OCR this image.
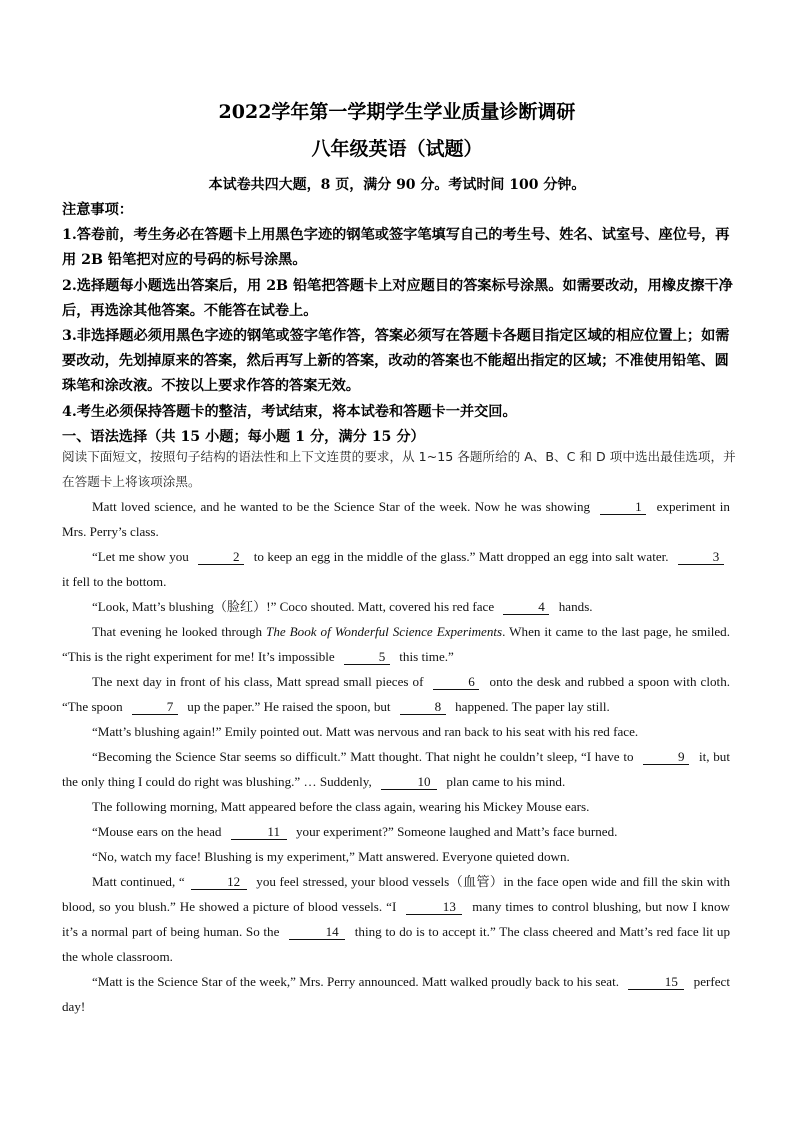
2022学年第一学期学生学业质量诊断调研
八年级英语（试题）
本试卷共四大题，8 页，满分 90 分。考试时间 100 分钟。

注意事项：

1.答卷前，考生务必在答题卡上用黑色字迹的钢笔或签字笔填写自己的考生号、姓名、试室号、座位号，再用 2B 铅笔把对应的号码的标号涂黑。

2.选择题每小题选出答案后，用 2B 铅笔把答题卡上对应题目的答案标号涂黑。如需要改动，用橡皮擦干净后，再选涂其他答案。不能答在试卷上。

3.非选择题必须用黑色字迹的钢笔或签字笔作答，答案必须写在答题卡各题目指定区域的相应位置上；如需要改动，先划掉原来的答案，然后再写上新的答案，改动的答案也不能超出指定的区域；不准使用铅笔、圆珠笔和涂改液。不按以上要求作答的答案无效。

4.考生必须保持答题卡的整洁，考试结束，将本试卷和答题卡一并交回。

一、语法选择（共 15 小题；每小题 1 分，满分 15 分）

阅读下面短文，按照句子结构的语法性和上下文连贯的要求，从 1~15 各题所给的 A、B、C 和 D 项中选出最佳选项，并在答题卡上将该项涂黑。

Matt loved science, and he wanted to be the Science Star of the week. Now he was showing	1 experiment in Mrs. Perry’s class.

“Let me show you	2 to keep an egg in the middle of the glass.” Matt dropped an egg into salt water.	3 it fell to the bottom.

“Look, Matt’s blushing（脸红）!” Coco shouted. Matt, covered his red face	4 hands.

That evening he looked through The Book of Wonderful Science Experiments. When it came to the last page, he smiled. “This is the right experiment for me! It’s impossible	5 this time.”

The next day in front of his class, Matt spread small pieces of	6 onto the desk and rubbed a spoon with cloth. “The spoon	7 up the paper.” He raised the spoon, but	8 happened. The paper lay still.

“Matt’s blushing again!” Emily pointed out. Matt was nervous and ran back to his seat with his red face.

“Becoming the Science Star seems so difficult.” Matt thought. That night he couldn’t sleep, “I have to	9 it, but the only thing I could do right was blushing.” … Suddenly,	10 plan came to his mind.

The following morning, Matt appeared before the class again, wearing his Mickey Mouse ears.

“Mouse ears on the head	11 your experiment?” Someone laughed and Matt’s face burned.

“No, watch my face! Blushing is my experiment,” Matt answered. Everyone quieted down.

Matt continued, “	12 you feel stressed, your blood vessels（血管）in the face open wide and fill the skin with blood, so you blush.” He showed a picture of blood vessels. “I	13 many times to control blushing, but now I know it’s a normal part of being human. So the	14 thing to do is to accept it.” The class cheered and Matt’s red face lit up the whole classroom.

“Matt is the Science Star of the week,” Mrs. Perry announced. Matt walked proudly back to his seat.	15 perfect day!
